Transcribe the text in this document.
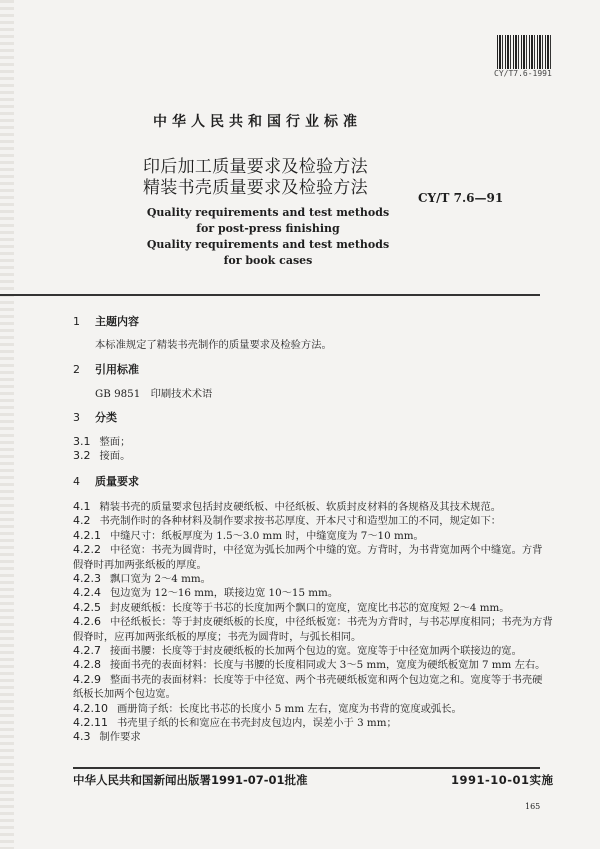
CY/T7.6-1991
中华人民共和国行业标准
印后加工质量要求及检验方法
精装书壳质量要求及检验方法	CY/T 7.6—91
Quality requirements and test methods
for post-press finishing
Quality requirements and test methods
for book cases
1 主题内容
本标准规定了精装书壳制作的质量要求及检验方法。
2 引用标准
GB 9851　印刷技术术语
3 分类
3.1 整面；
3.2 接面。
4 质量要求
4.1 精装书壳的质量要求包括封皮硬纸板、中径纸板、软质封皮材料的各规格及其技术规范。
4.2 书壳制作时的各种材料及制作要求按书芯厚度、开本尺寸和造型加工的不同，规定如下：
4.2.1 中缝尺寸：纸板厚度为 1.5～3.0 mm 时，中缝宽度为 7～10 mm。
4.2.2 中径宽：书壳为圆背时，中径宽为弧长加两个中缝的宽。方背时，为书背宽加两个中缝宽。方背
假脊时再加两张纸板的厚度。
4.2.3 飘口宽为 2～4 mm。
4.2.4 包边宽为 12～16 mm，联接边宽 10～15 mm。
4.2.5 封皮硬纸板：长度等于书芯的长度加两个飘口的宽度，宽度比书芯的宽度短 2～4 mm。
4.2.6 中径纸板长：等于封皮硬纸板的长度，中径纸板宽：书壳为方背时，与书芯厚度相同；书壳为方背
假脊时，应再加两张纸板的厚度；书壳为圆背时，与弧长相同。
4.2.7 接面书腰：长度等于封皮硬纸板的长加两个包边的宽。宽度等于中径宽加两个联接边的宽。
4.2.8 接面书壳的表面材料：长度与书腰的长度相同或大 3～5 mm，宽度为硬纸板宽加 7 mm 左右。
4.2.9 整面书壳的表面材料：长度等于中径宽、两个书壳硬纸板宽和两个包边宽之和。宽度等于书壳硬
纸板长加两个包边宽。
4.2.10 画册筒子纸：长度比书芯的长度小 5 mm 左右，宽度为书背的宽度或弧长。
4.2.11 书壳里子纸的长和宽应在书壳封皮包边内，误差小于 3 mm；
4.3 制作要求
中华人民共和国新闻出版署1991-07-01批准	1991-10-01实施
165
